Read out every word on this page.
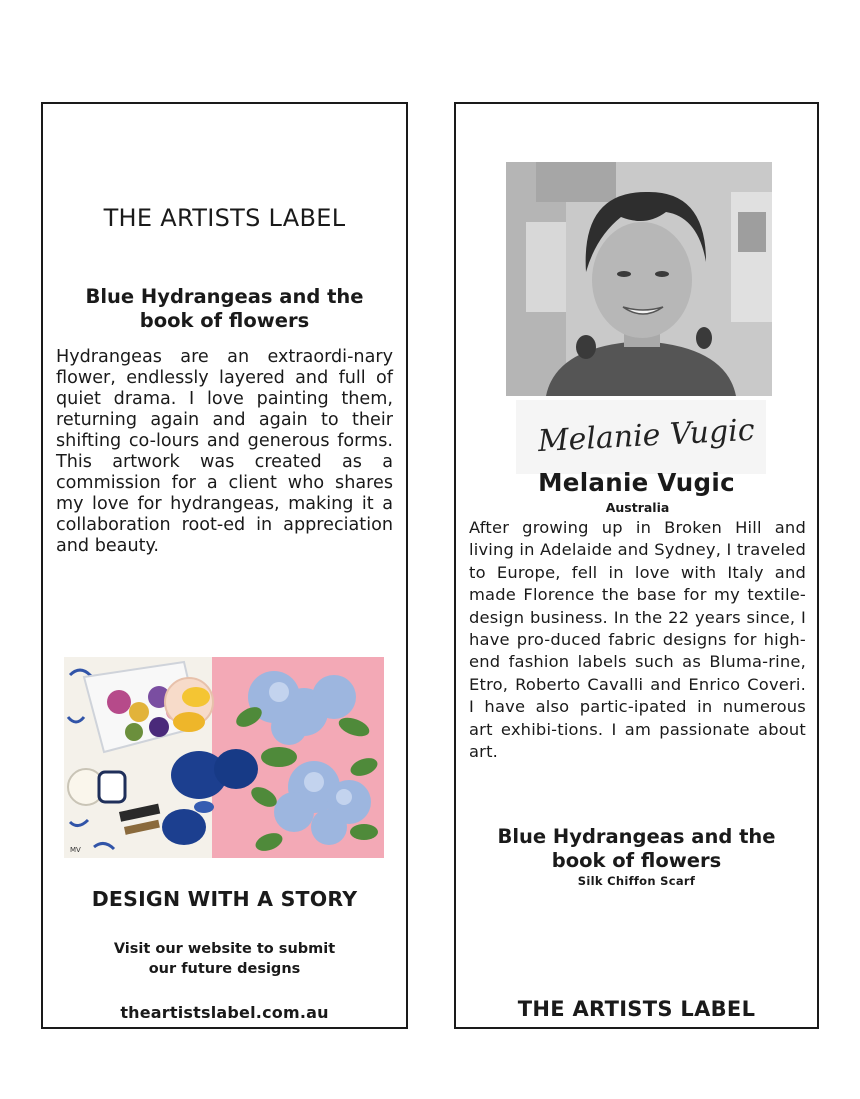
THE ARTISTS LABEL
Blue Hydrangeas and the
book of flowers
Hydrangeas are an extraordi-nary flower, endlessly layered and full of quiet drama. I love painting them, returning again and again to their shifting co-lours and generous forms. This artwork was created as a commission for a client who shares my love for hydrangeas, making it a collaboration root-ed in appreciation and beauty.
MV
DESIGN WITH A STORY
Visit our website to submit
our future designs
theartistslabel.com.au
Melanie Vugic
Melanie Vugic
Australia
After growing up in Broken Hill and living in Adelaide and Sydney, I traveled to Europe, fell in love with Italy and made Florence the base for my textile-design business. In the 22 years since, I have pro-duced fabric designs for high-end fashion labels such as Bluma-rine, Etro, Roberto Cavalli and Enrico Coveri. I have also partic-ipated in numerous art exhibi-tions. I am passionate about art.
Blue Hydrangeas and the
book of flowers
Silk Chiffon Scarf
THE ARTISTS LABEL
